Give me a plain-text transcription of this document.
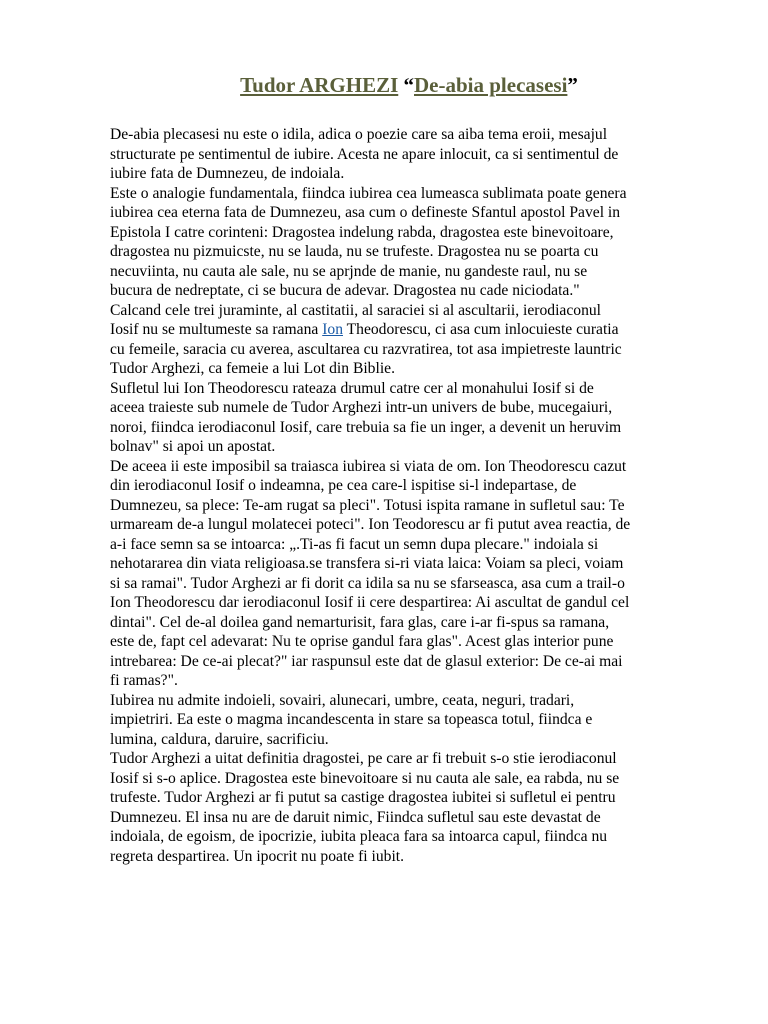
Tudor ARGHEZI “De-abia plecasesi”

De-abia plecasesi nu este o idila, adica o poezie care sa aiba tema eroii, mesajul
structurate pe sentimentul de iubire. Acesta ne apare inlocuit, ca si sentimentul de
iubire fata de Dumnezeu, de indoiala.

Este o analogie fundamentala, fiindca iubirea cea lumeasca sublimata poate genera
iubirea cea eterna fata de Dumnezeu, asa cum o defineste Sfantul apostol Pavel in
Epistola I catre corinteni: Dragostea indelung rabda, dragostea este binevoitoare,
dragostea nu pizmuicste, nu se lauda, nu se trufeste. Dragostea nu se poarta cu
necuviinta, nu cauta ale sale, nu se aprjnde de manie, nu gandeste raul, nu se
bucura de nedreptate, ci se bucura de adevar. Dragostea nu cade niciodata."

Calcand cele trei juraminte, al castitatii, al saraciei si al ascultarii, ierodiaconul
Iosif nu se multumeste sa ramana Ion Theodorescu, ci asa cum inlocuieste curatia
cu femeile, saracia cu averea, ascultarea cu razvratirea, tot asa impietreste launtric
Tudor Arghezi, ca femeie a lui Lot din Biblie.

Sufletul lui Ion Theodorescu rateaza drumul catre cer al monahului Iosif si de
aceea traieste sub numele de Tudor Arghezi intr-un univers de bube, mucegaiuri,
noroi, fiindca ierodiaconul Iosif, care trebuia sa fie un inger, a devenit un heruvim
bolnav" si apoi un apostat.

De aceea ii este imposibil sa traiasca iubirea si viata de om. Ion Theodorescu cazut
din ierodiaconul Iosif o indeamna, pe cea care-l ispitise si-l indepartase, de
Dumnezeu, sa plece: Te-am rugat sa pleci". Totusi ispita ramane in sufletul sau: Te
urmaream de-a lungul molatecei poteci". Ion Teodorescu ar fi putut avea reactia, de
a-i face semn sa se intoarca: „.Ti-as fi facut un semn dupa plecare." indoiala si
nehotararea din viata religioasa.se transfera si-ri viata laica: Voiam sa pleci, voiam
si sa ramai". Tudor Arghezi ar fi dorit ca idila sa nu se sfarseasca, asa cum a trail-o
Ion Theodorescu dar ierodiaconul Iosif ii cere despartirea: Ai ascultat de gandul cel
dintai". Cel de-al doilea gand nemarturisit, fara glas, care i-ar fi-spus sa ramana,
este de, fapt cel adevarat: Nu te oprise gandul fara glas". Acest glas interior pune
intrebarea: De ce-ai plecat?" iar raspunsul este dat de glasul exterior: De ce-ai mai
fi ramas?".

Iubirea nu admite indoieli, sovairi, alunecari, umbre, ceata, neguri, tradari,
impietriri. Ea este o magma incandescenta in stare sa topeasca totul, fiindca e
lumina, caldura, daruire, sacrificiu.

Tudor Arghezi a uitat definitia dragostei, pe care ar fi trebuit s-o stie ierodiaconul
Iosif si s-o aplice. Dragostea este binevoitoare si nu cauta ale sale, ea rabda, nu se
trufeste. Tudor Arghezi ar fi putut sa castige dragostea iubitei si sufletul ei pentru
Dumnezeu. El insa nu are de daruit nimic, Fiindca sufletul sau este devastat de
indoiala, de egoism, de ipocrizie, iubita pleaca fara sa intoarca capul, fiindca nu
regreta despartirea. Un ipocrit nu poate fi iubit.
